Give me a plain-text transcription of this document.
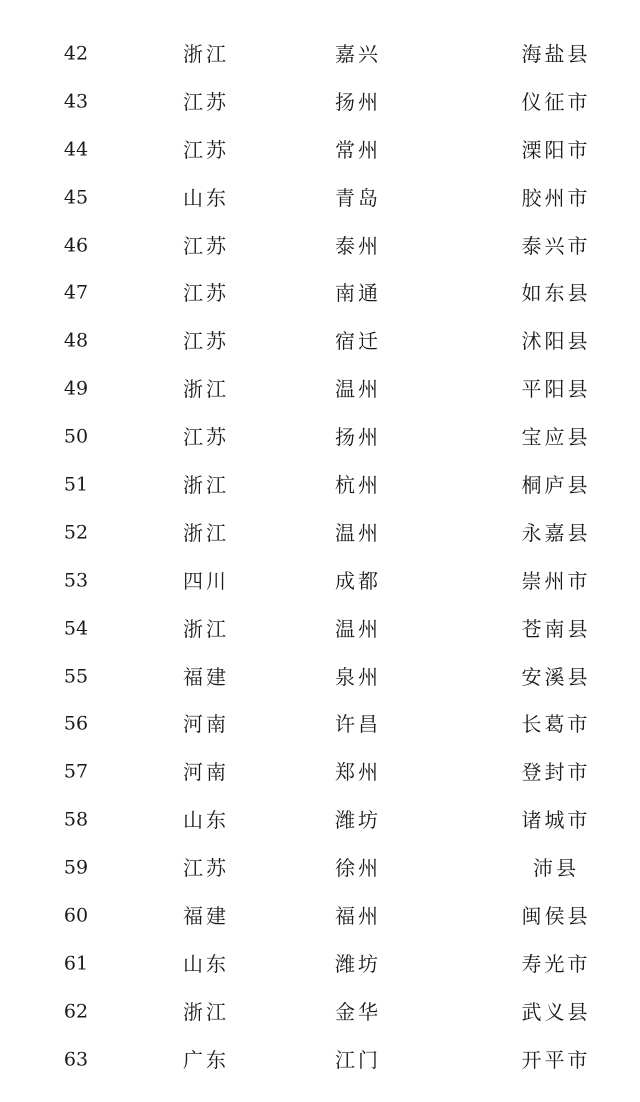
42	浙江	嘉兴	海盐县
43	江苏	扬州	仪征市
44	江苏	常州	溧阳市
45	山东	青岛	胶州市
46	江苏	泰州	泰兴市
47	江苏	南通	如东县
48	江苏	宿迁	沭阳县
49	浙江	温州	平阳县
50	江苏	扬州	宝应县
51	浙江	杭州	桐庐县
52	浙江	温州	永嘉县
53	四川	成都	崇州市
54	浙江	温州	苍南县
55	福建	泉州	安溪县
56	河南	许昌	长葛市
57	河南	郑州	登封市
58	山东	潍坊	诸城市
59	江苏	徐州	沛县
60	福建	福州	闽侯县
61	山东	潍坊	寿光市
62	浙江	金华	武义县
63	广东	江门	开平市
